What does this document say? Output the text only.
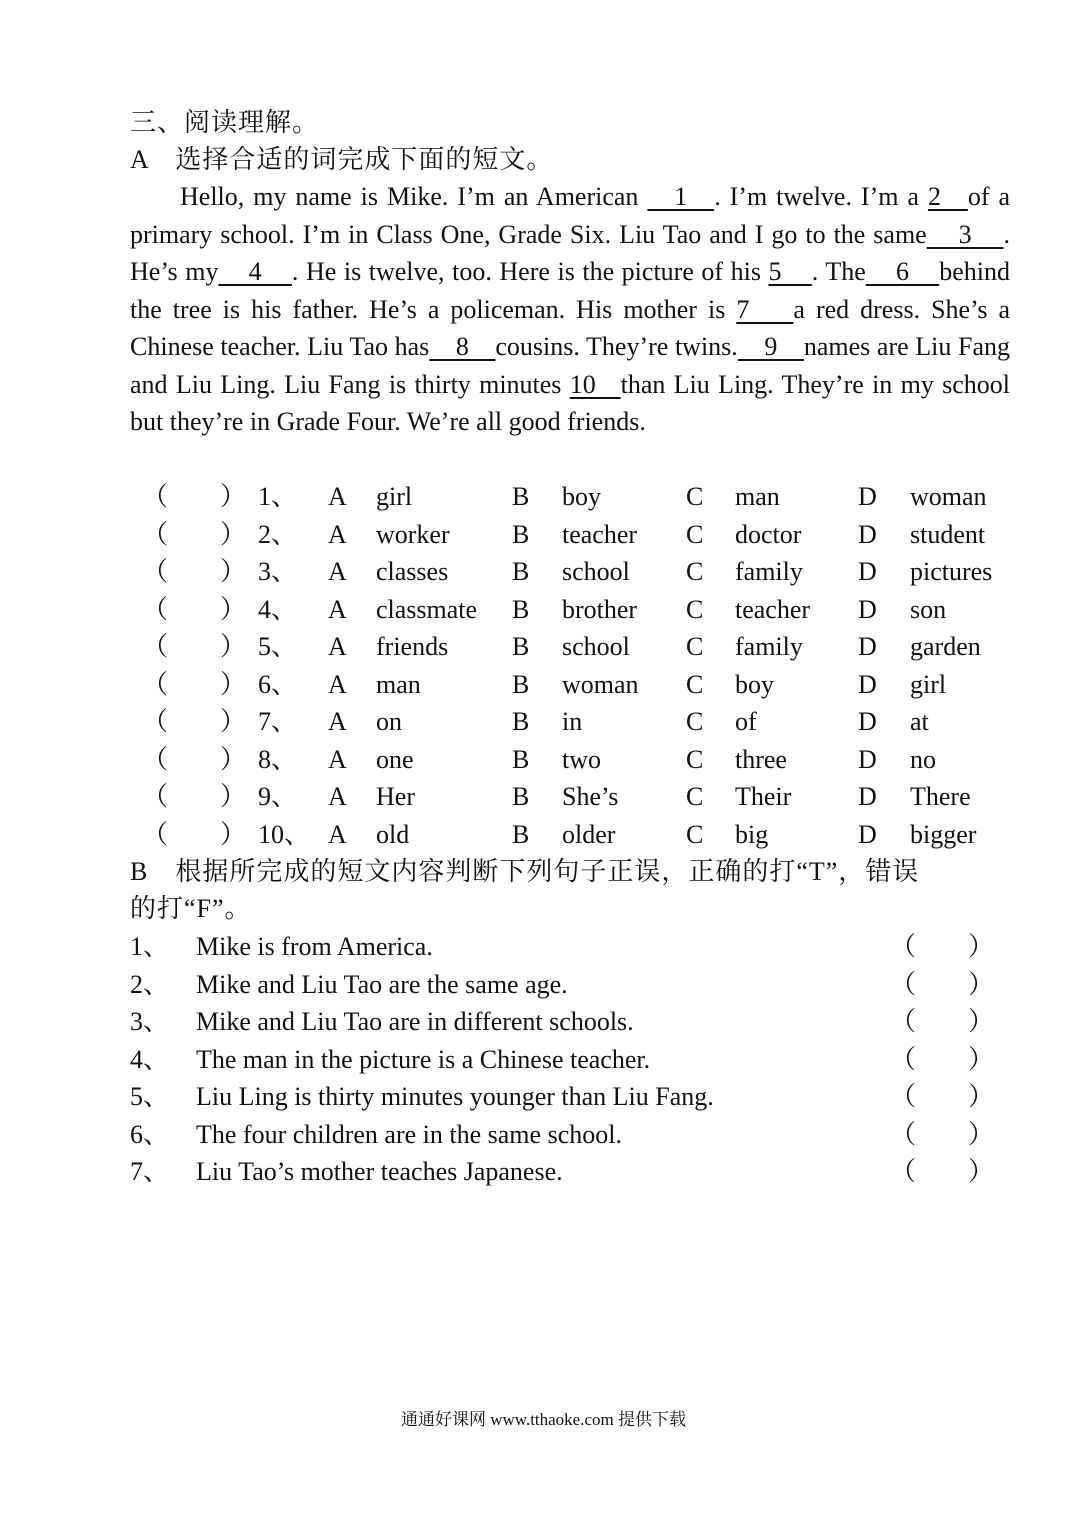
三、阅读理解。
A　选择合适的词完成下面的短文。

Hello, my name is Mike. I’m an American    1   . I’m twelve. I’m a 2   of a primary school. I’m in Class One, Grade Six. Liu Tao and I go to the same    3    . He’s my    4    . He is twelve, too. Here is the picture of his 5    . The    6    behind the tree is his father. He’s a policeman. His mother is 7    a red dress. She’s a Chinese teacher. Liu Tao has    8    cousins. They’re twins.    9    names are Liu Fang and Liu Ling. Liu Fang is thirty minutes 10   than Liu Ling. They’re in my school but they’re in Grade Four. We’re all good friends.

（　　） 1、 A girl	B boy	C man	D woman
（　　） 2、 A worker B teacher C doctor D student
（　　） 3、 A classes B school C family D pictures
（　　） 4、 A classmate B brother C teacher D son
（　　） 5、 A friends B school C family D garden
（　　） 6、 A man	B woman C boy	D girl
（　　） 7、 A on	B in	C of	D at
（　　） 8、 A one	B two	C three	D no
（　　） 9、 A Her	B She’s	C Their	D There
（　　） 10、 A old	B older	C big	D bigger
B　根据所完成的短文内容判断下列句子正误，正确的打“T”，错误
的打“F”。
1、 Mike is from America.	（　　）
2、 Mike and Liu Tao are the same age.	（　　）
3、 Mike and Liu Tao are in different schools.	（　　）
4、 The man in the picture is a Chinese teacher.	（　　）
5、 Liu Ling is thirty minutes younger than Liu Fang.	（　　）
6、 The four children are in the same school.	（　　）
7、 Liu Tao’s mother teaches Japanese.	（　　）
通通好课网 www.tthaoke.com 提供下载
